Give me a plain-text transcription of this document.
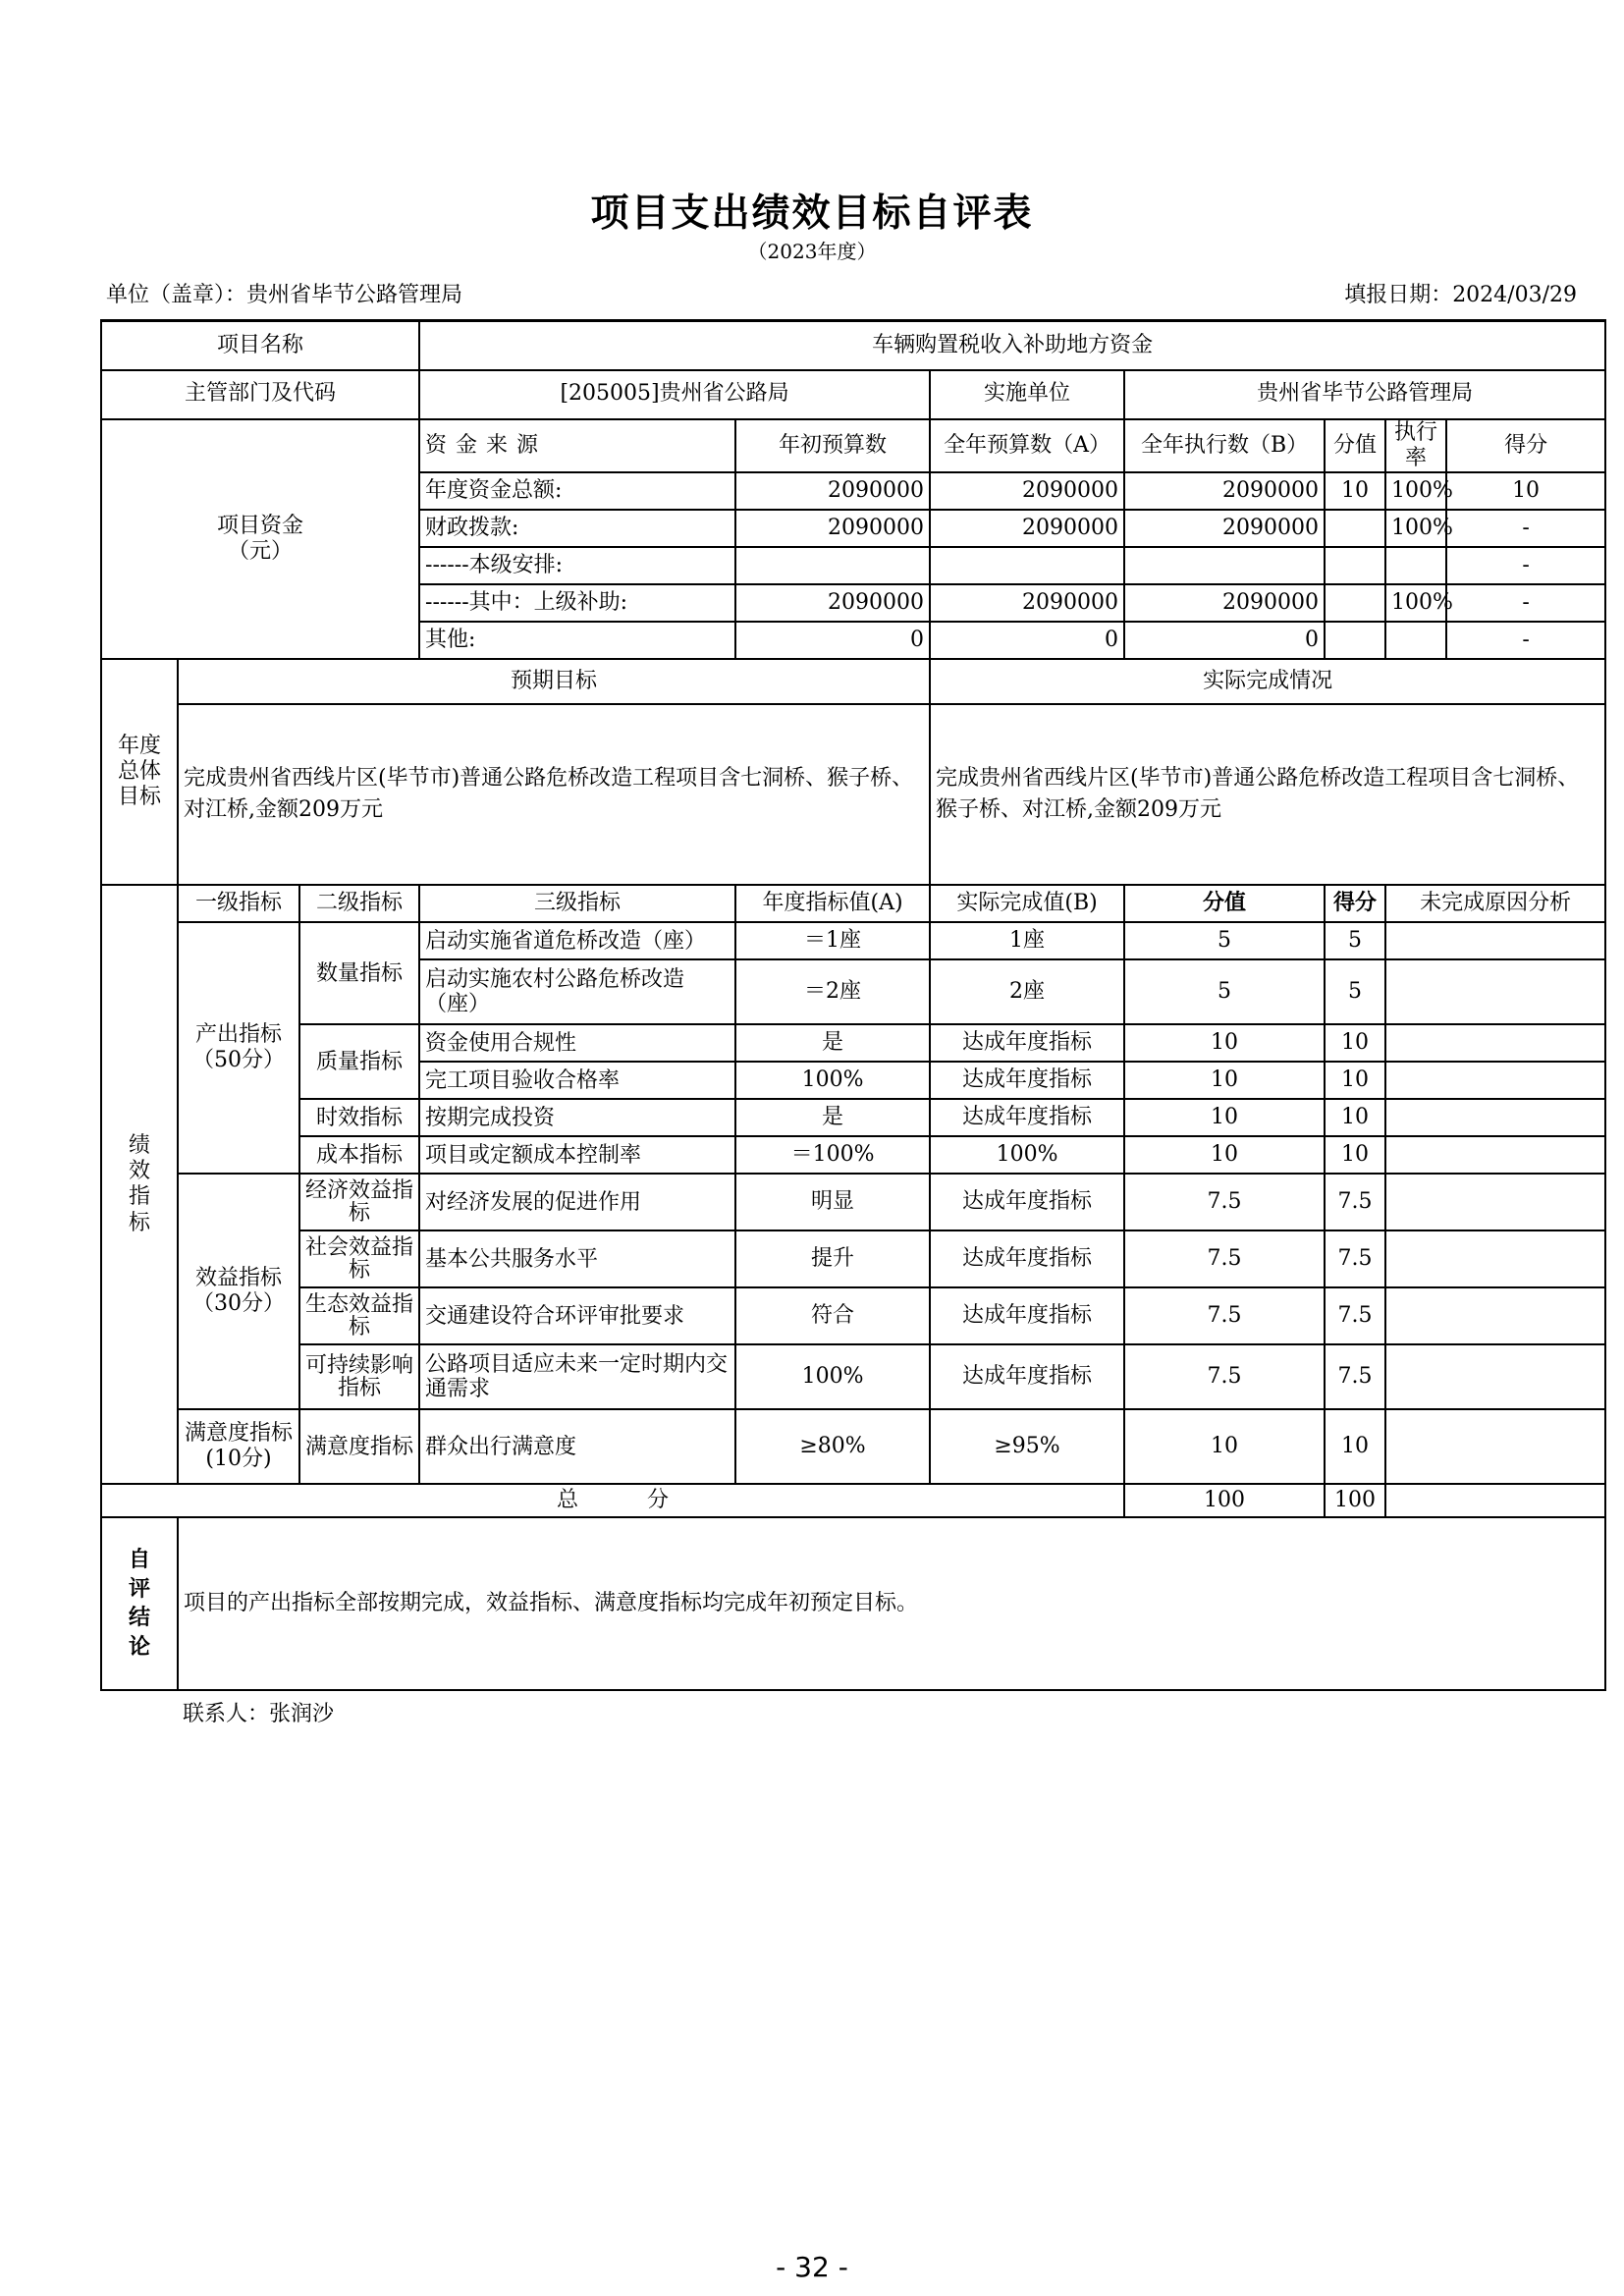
项目支出绩效目标自评表
（2023年度）
单位（盖章）：贵州省毕节公路管理局	填报日期：2024/03/29
项目名称			车辆购置税收入补助地方资金						
主管部门及代码			[205005]贵州省公路局		实施单位	贵州省毕节公路管理局			
项目资金
（元）			资 金 来 源	年初预算数	全年预算数（A）	全年执行数（B）	分值	执行率	得分
			年度资金总额:	2090000	2090000	2090000	10	100%	10
			财政拨款:	2090000	2090000	2090000		100%	-
			------本级安排:						-
			------其中：上级补助:	2090000	2090000	2090000		100%	-
			其他:	0	0	0			-
年度
总体
目标	预期目标				实际完成情况				
	完成贵州省西线片区(毕节市)普通公路危桥改造工程项目含七洞桥、猴子桥、对江桥,金额209万元				完成贵州省西线片区(毕节市)普通公路危桥改造工程项目含七洞桥、猴子桥、对江桥,金额209万元				
绩
效
指
标	一级指标	二级指标	三级指标	年度指标值(A)	实际完成值(B)	分值	得分	未完成原因分析	
	产出指标
（50分）	数量指标	启动实施省道危桥改造（座）	＝1座	1座	5	5		
			启动实施农村公路危桥改造（座）	＝2座	2座	5	5		
		质量指标	资金使用合规性	是	达成年度指标	10	10		
			完工项目验收合格率	100%	达成年度指标	10	10		
		时效指标	按期完成投资	是	达成年度指标	10	10		
		成本指标	项目或定额成本控制率	＝100%	100%	10	10		
	效益指标
（30分）	经济效益指标	对经济发展的促进作用	明显	达成年度指标	7.5	7.5		
		社会效益指标	基本公共服务水平	提升	达成年度指标	7.5	7.5		
		生态效益指标	交通建设符合环评审批要求	符合	达成年度指标	7.5	7.5		
		可持续影响指标	公路项目适应未来一定时期内交通需求	100%	达成年度指标	7.5	7.5		
	满意度指标(10分)	满意度指标	群众出行满意度	≥80%	≥95%	10	10		
总          分						100	100		
自
评
结
论	项目的产出指标全部按期完成，效益指标、满意度指标均完成年初预定目标。								
联系人：张润沙
- 32 -
